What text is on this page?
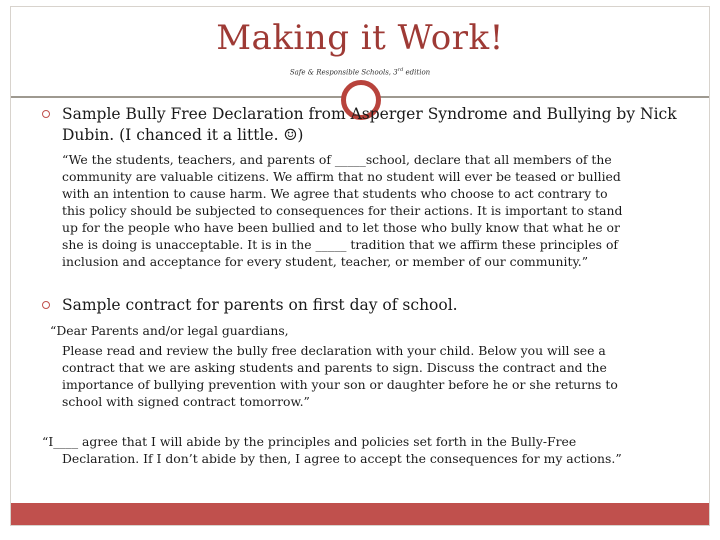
Making it Work!
Safe & Responsible Schools, 3rd edition

Sample Bully Free Declaration from Asperger Syndrome and Bullying by Nick

Dubin. (I chanced it a little. ☺)

“We the students, teachers, and parents of _____school, declare that all members of the

community are valuable citizens. We affirm that no student will ever be teased or bullied

with an intention to cause harm. We agree that students who choose to act contrary to

this policy should be subjected to consequences for their actions. It is important to stand

up for the people who have been bullied and to let those who bully know that what he or

she is doing is unacceptable. It is in the _____ tradition that we affirm these principles of

inclusion and acceptance for every student, teacher, or member of our community.”

Sample contract for parents on first day of school.

“Dear Parents and/or legal guardians,

Please read and review the bully free declaration with your child. Below you will see a

contract that we are asking students and parents to sign. Discuss the contract and the

importance of bullying prevention with your son or daughter before he or she returns to

school with signed contract tomorrow.”

“I____ agree that I will abide by the principles and policies set forth in the Bully-Free

Declaration. If I don’t abide by then, I agree to accept the consequences for my actions.”
